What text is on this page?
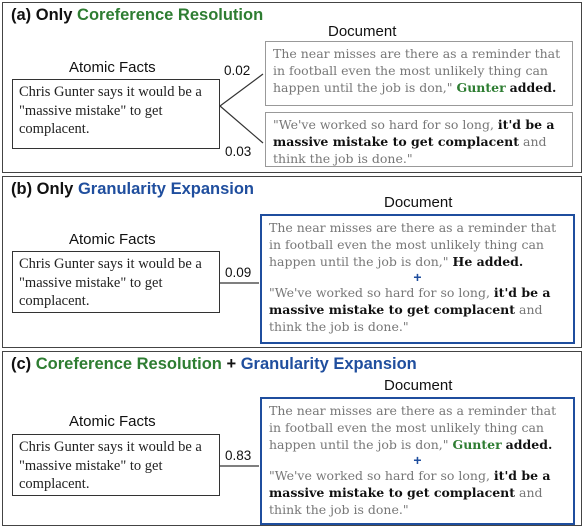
(a) Only Coreference Resolution
Document
Atomic Facts
Chris Gunter says it would be a "massive mistake" to get complacent.
The near misses are there as a reminder that in football even the most unlikely thing can happen until the job is don," Gunter added.
"We've worked so hard for so long, it'd be a massive mistake to get complacent and think the job is done."
0.02
0.03
(b) Only Granularity Expansion
Document
Atomic Facts
Chris Gunter says it would be a "massive mistake" to get complacent.
The near misses are there as a reminder that in football even the most unlikely thing can happen until the job is don," He added.
+
"We've worked so hard for so long, it'd be a massive mistake to get complacent and think the job is done."
0.09
(c) Coreference Resolution + Granularity Expansion
Document
Atomic Facts
Chris Gunter says it would be a "massive mistake" to get complacent.
The near misses are there as a reminder that in football even the most unlikely thing can happen until the job is don," Gunter added.
+
"We've worked so hard for so long, it'd be a massive mistake to get complacent and think the job is done."
0.83
